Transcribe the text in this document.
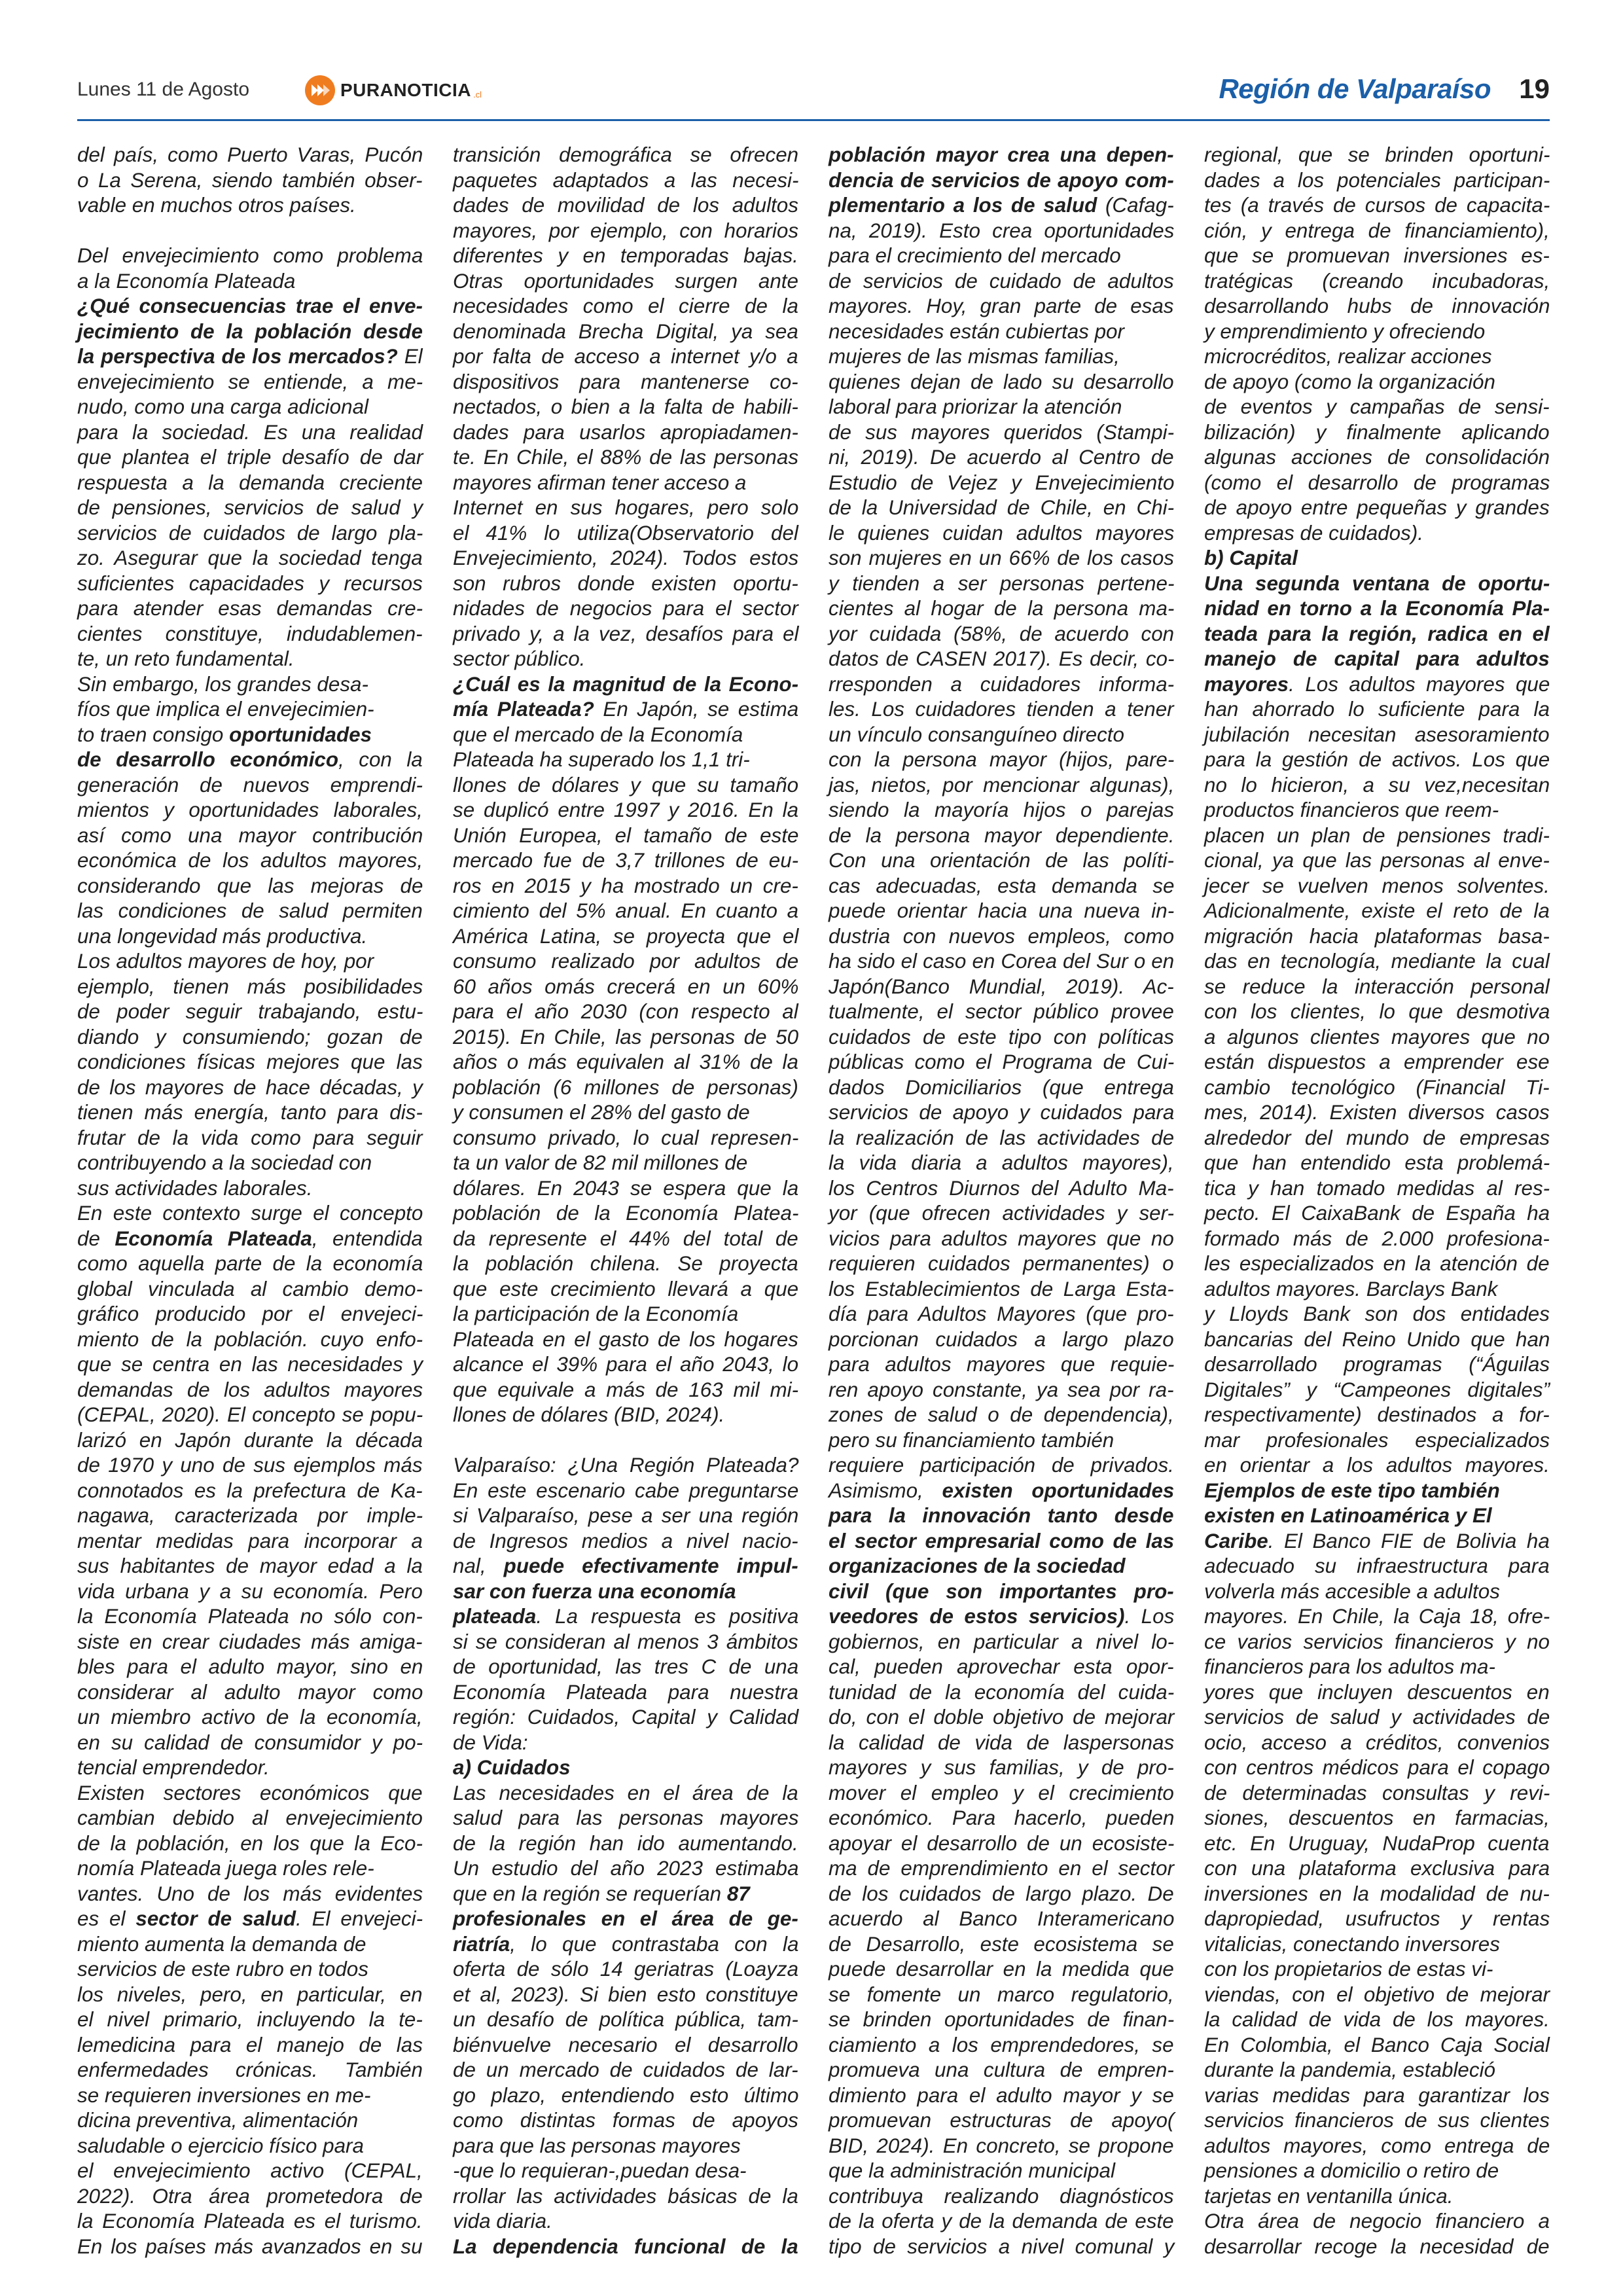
Lunes 11 de Agosto	PURANOTICIA .cl	Región de Valparaíso 19
del país, como Puerto Varas, Pucón
o La Serena, siendo también obser-
vable en muchos otros países.
Del envejecimiento como problema
a la Economía Plateada
¿Qué consecuencias trae el enve-
jecimiento de la población desde
la perspectiva de los mercados? El
envejecimiento se entiende, a me-
nudo, como una carga adicional
para la sociedad. Es una realidad
que plantea el triple desafío de dar
respuesta a la demanda creciente
de pensiones, servicios de salud y
servicios de cuidados de largo pla-
zo. Asegurar que la sociedad tenga
suficientes capacidades y recursos
para atender esas demandas cre-
cientes constituye, indudablemen-
te, un reto fundamental.
Sin embargo, los grandes desa-
fíos que implica el envejecimien-
to traen consigo oportunidades
de desarrollo económico, con la
generación de nuevos emprendi-
mientos y oportunidades laborales,
así como una mayor contribución
económica de los adultos mayores,
considerando que las mejoras de
las condiciones de salud permiten
una longevidad más productiva.
Los adultos mayores de hoy, por
ejemplo, tienen más posibilidades
de poder seguir trabajando, estu-
diando y consumiendo; gozan de
condiciones físicas mejores que las
de los mayores de hace décadas, y
tienen más energía, tanto para dis-
frutar de la vida como para seguir
contribuyendo a la sociedad con
sus actividades laborales.
En este contexto surge el concepto
de Economía Plateada, entendida
como aquella parte de la economía
global vinculada al cambio demo-
gráfico producido por el envejeci-
miento de la población. cuyo enfo-
que se centra en las necesidades y
demandas de los adultos mayores
(CEPAL, 2020). El concepto se popu-
larizó en Japón durante la década
de 1970 y uno de sus ejemplos más
connotados es la prefectura de Ka-
nagawa, caracterizada por imple-
mentar medidas para incorporar a
sus habitantes de mayor edad a la
vida urbana y a su economía. Pero
la Economía Plateada no sólo con-
siste en crear ciudades más amiga-
bles para el adulto mayor, sino en
considerar al adulto mayor como
un miembro activo de la economía,
en su calidad de consumidor y po-
tencial emprendedor.
Existen sectores económicos que
cambian debido al envejecimiento
de la población, en los que la Eco-
nomía Plateada juega roles rele-
vantes. Uno de los más evidentes
es el sector de salud. El envejeci-
miento aumenta la demanda de
servicios de este rubro en todos
los niveles, pero, en particular, en
el nivel primario, incluyendo la te-
lemedicina para el manejo de las
enfermedades crónicas. También
se requieren inversiones en me-
dicina preventiva, alimentación
saludable o ejercicio físico para
el envejecimiento activo (CEPAL,
2022). Otra área prometedora de
la Economía Plateada es el turismo.
En los países más avanzados en su
transición demográfica se ofrecen
paquetes adaptados a las necesi-
dades de movilidad de los adultos
mayores, por ejemplo, con horarios
diferentes y en temporadas bajas.
Otras oportunidades surgen ante
necesidades como el cierre de la
denominada Brecha Digital, ya sea
por falta de acceso a internet y/o a
dispositivos para mantenerse co-
nectados, o bien a la falta de habili-
dades para usarlos apropiadamen-
te. En Chile, el 88% de las personas
mayores afirman tener acceso a
Internet en sus hogares, pero solo
el 41% lo utiliza(Observatorio del
Envejecimiento, 2024). Todos estos
son rubros donde existen oportu-
nidades de negocios para el sector
privado y, a la vez, desafíos para el
sector público.
¿Cuál es la magnitud de la Econo-
mía Plateada? En Japón, se estima
que el mercado de la Economía
Plateada ha superado los 1,1 tri-
llones de dólares y que su tamaño
se duplicó entre 1997 y 2016. En la
Unión Europea, el tamaño de este
mercado fue de 3,7 trillones de eu-
ros en 2015 y ha mostrado un cre-
cimiento del 5% anual. En cuanto a
América Latina, se proyecta que el
consumo realizado por adultos de
60 años omás crecerá en un 60%
para el año 2030 (con respecto al
2015). En Chile, las personas de 50
años o más equivalen al 31% de la
población (6 millones de personas)
y consumen el 28% del gasto de
consumo privado, lo cual represen-
ta un valor de 82 mil millones de
dólares. En 2043 se espera que la
población de la Economía Platea-
da represente el 44% del total de
la población chilena. Se proyecta
que este crecimiento llevará a que
la participación de la Economía
Plateada en el gasto de los hogares
alcance el 39% para el año 2043, lo
que equivale a más de 163 mil mi-
llones de dólares (BID, 2024).
Valparaíso: ¿Una Región Plateada?
En este escenario cabe preguntarse
si Valparaíso, pese a ser una región
de Ingresos medios a nivel nacio-
nal, puede efectivamente impul-
sar con fuerza una economía
plateada. La respuesta es positiva
si se consideran al menos 3 ámbitos
de oportunidad, las tres C de una
Economía Plateada para nuestra
región: Cuidados, Capital y Calidad
de Vida:
a) Cuidados
Las necesidades en el área de la
salud para las personas mayores
de la región han ido aumentando.
Un estudio del año 2023 estimaba
que en la región se requerían 87
profesionales en el área de ge-
riatría, lo que contrastaba con la
oferta de sólo 14 geriatras (Loayza
et al, 2023). Si bien esto constituye
un desafío de política pública, tam-
biénvuelve necesario el desarrollo
de un mercado de cuidados de lar-
go plazo, entendiendo esto último
como distintas formas de apoyos
para que las personas mayores
-que lo requieran-,puedan desa-
rrollar las actividades básicas de la
vida diaria.
La dependencia funcional de la
población mayor crea una depen-
dencia de servicios de apoyo com-
plementario a los de salud (Cafag-
na, 2019). Esto crea oportunidades
para el crecimiento del mercado
de servicios de cuidado de adultos
mayores. Hoy, gran parte de esas
necesidades están cubiertas por
mujeres de las mismas familias,
quienes dejan de lado su desarrollo
laboral para priorizar la atención
de sus mayores queridos (Stampi-
ni, 2019). De acuerdo al Centro de
Estudio de Vejez y Envejecimiento
de la Universidad de Chile, en Chi-
le quienes cuidan adultos mayores
son mujeres en un 66% de los casos
y tienden a ser personas pertene-
cientes al hogar de la persona ma-
yor cuidada (58%, de acuerdo con
datos de CASEN 2017). Es decir, co-
rresponden a cuidadores informa-
les. Los cuidadores tienden a tener
un vínculo consanguíneo directo
con la persona mayor (hijos, pare-
jas, nietos, por mencionar algunas),
siendo la mayoría hijos o parejas
de la persona mayor dependiente.
Con una orientación de las políti-
cas adecuadas, esta demanda se
puede orientar hacia una nueva in-
dustria con nuevos empleos, como
ha sido el caso en Corea del Sur o en
Japón(Banco Mundial, 2019). Ac-
tualmente, el sector público provee
cuidados de este tipo con políticas
públicas como el Programa de Cui-
dados Domiciliarios (que entrega
servicios de apoyo y cuidados para
la realización de las actividades de
la vida diaria a adultos mayores),
los Centros Diurnos del Adulto Ma-
yor (que ofrecen actividades y ser-
vicios para adultos mayores que no
requieren cuidados permanentes) o
los Establecimientos de Larga Esta-
día para Adultos Mayores (que pro-
porcionan cuidados a largo plazo
para adultos mayores que requie-
ren apoyo constante, ya sea por ra-
zones de salud o de dependencia),
pero su financiamiento también
requiere participación de privados.
Asimismo, existen oportunidades
para la innovación tanto desde
el sector empresarial como de las
organizaciones de la sociedad
civil (que son importantes pro-
veedores de estos servicios). Los
gobiernos, en particular a nivel lo-
cal, pueden aprovechar esta opor-
tunidad de la economía del cuida-
do, con el doble objetivo de mejorar
la calidad de vida de laspersonas
mayores y sus familias, y de pro-
mover el empleo y el crecimiento
económico. Para hacerlo, pueden
apoyar el desarrollo de un ecosiste-
ma de emprendimiento en el sector
de los cuidados de largo plazo. De
acuerdo al Banco Interamericano
de Desarrollo, este ecosistema se
puede desarrollar en la medida que
se fomente un marco regulatorio,
se brinden oportunidades de finan-
ciamiento a los emprendedores, se
promueva una cultura de empren-
dimiento para el adulto mayor y se
promuevan estructuras de apoyo(
BID, 2024). En concreto, se propone
que la administración municipal
contribuya realizando diagnósticos
de la oferta y de la demanda de este
tipo de servicios a nivel comunal y
regional, que se brinden oportuni-
dades a los potenciales participan-
tes (a través de cursos de capacita-
ción, y entrega de financiamiento),
que se promuevan inversiones es-
tratégicas (creando incubadoras,
desarrollando hubs de innovación
y emprendimiento y ofreciendo
microcréditos, realizar acciones
de apoyo (como la organización
de eventos y campañas de sensi-
bilización) y finalmente aplicando
algunas acciones de consolidación
(como el desarrollo de programas
de apoyo entre pequeñas y grandes
empresas de cuidados).
b) Capital
Una segunda ventana de oportu-
nidad en torno a la Economía Pla-
teada para la región, radica en el
manejo de capital para adultos
mayores. Los adultos mayores que
han ahorrado lo suficiente para la
jubilación necesitan asesoramiento
para la gestión de activos. Los que
no lo hicieron, a su vez,necesitan
productos financieros que reem-
placen un plan de pensiones tradi-
cional, ya que las personas al enve-
jecer se vuelven menos solventes.
Adicionalmente, existe el reto de la
migración hacia plataformas basa-
das en tecnología, mediante la cual
se reduce la interacción personal
con los clientes, lo que desmotiva
a algunos clientes mayores que no
están dispuestos a emprender ese
cambio tecnológico (Financial Ti-
mes, 2014). Existen diversos casos
alrededor del mundo de empresas
que han entendido esta problemá-
tica y han tomado medidas al res-
pecto. El CaixaBank de España ha
formado más de 2.000 profesiona-
les especializados en la atención de
adultos mayores. Barclays Bank
y Lloyds Bank son dos entidades
bancarias del Reino Unido que han
desarrollado programas (“Águilas
Digitales” y “Campeones digitales”
respectivamente) destinados a for-
mar profesionales especializados
en orientar a los adultos mayores.
Ejemplos de este tipo también
existen en Latinoamérica y El
Caribe. El Banco FIE de Bolivia ha
adecuado su infraestructura para
volverla más accesible a adultos
mayores. En Chile, la Caja 18, ofre-
ce varios servicios financieros y no
financieros para los adultos ma-
yores que incluyen descuentos en
servicios de salud y actividades de
ocio, acceso a créditos, convenios
con centros médicos para el copago
de determinadas consultas y revi-
siones, descuentos en farmacias,
etc. En Uruguay, NudaProp cuenta
con una plataforma exclusiva para
inversiones en la modalidad de nu-
dapropiedad, usufructos y rentas
vitalicias, conectando inversores
con los propietarios de estas vi-
viendas, con el objetivo de mejorar
la calidad de vida de los mayores.
En Colombia, el Banco Caja Social
durante la pandemia, estableció
varias medidas para garantizar los
servicios financieros de sus clientes
adultos mayores, como entrega de
pensiones a domicilio o retiro de
tarjetas en ventanilla única.
Otra área de negocio financiero a
desarrollar recoge la necesidad de
